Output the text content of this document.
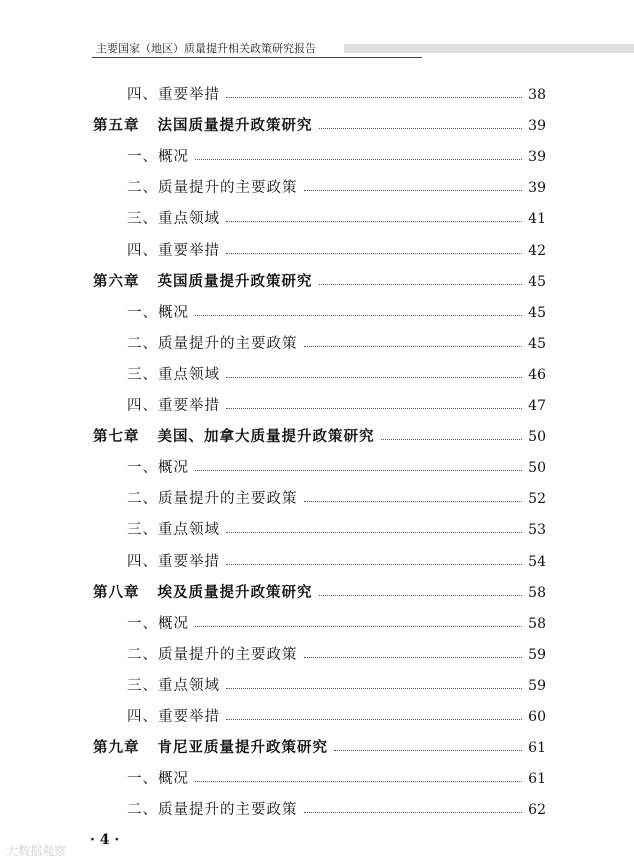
主要国家（地区）质量提升相关政策研究报告
四、重要举措	38
第五章 法国质量提升政策研究	39
一、概况	39
二、质量提升的主要政策	39
三、重点领域	41
四、重要举措	42
第六章 英国质量提升政策研究	45
一、概况	45
二、质量提升的主要政策	45
三、重点领域	46
四、重要举措	47
第七章 美国、加拿大质量提升政策研究	50
一、概况	50
二、质量提升的主要政策	52
三、重点领域	53
四、重要举措	54
第八章 埃及质量提升政策研究	58
一、概况	58
二、质量提升的主要政策	59
三、重点领域	59
四、重要举措	60
第九章 肯尼亚质量提升政策研究	61
一、概况	61
二、质量提升的主要政策	62
· 4 ·
大数据观察
